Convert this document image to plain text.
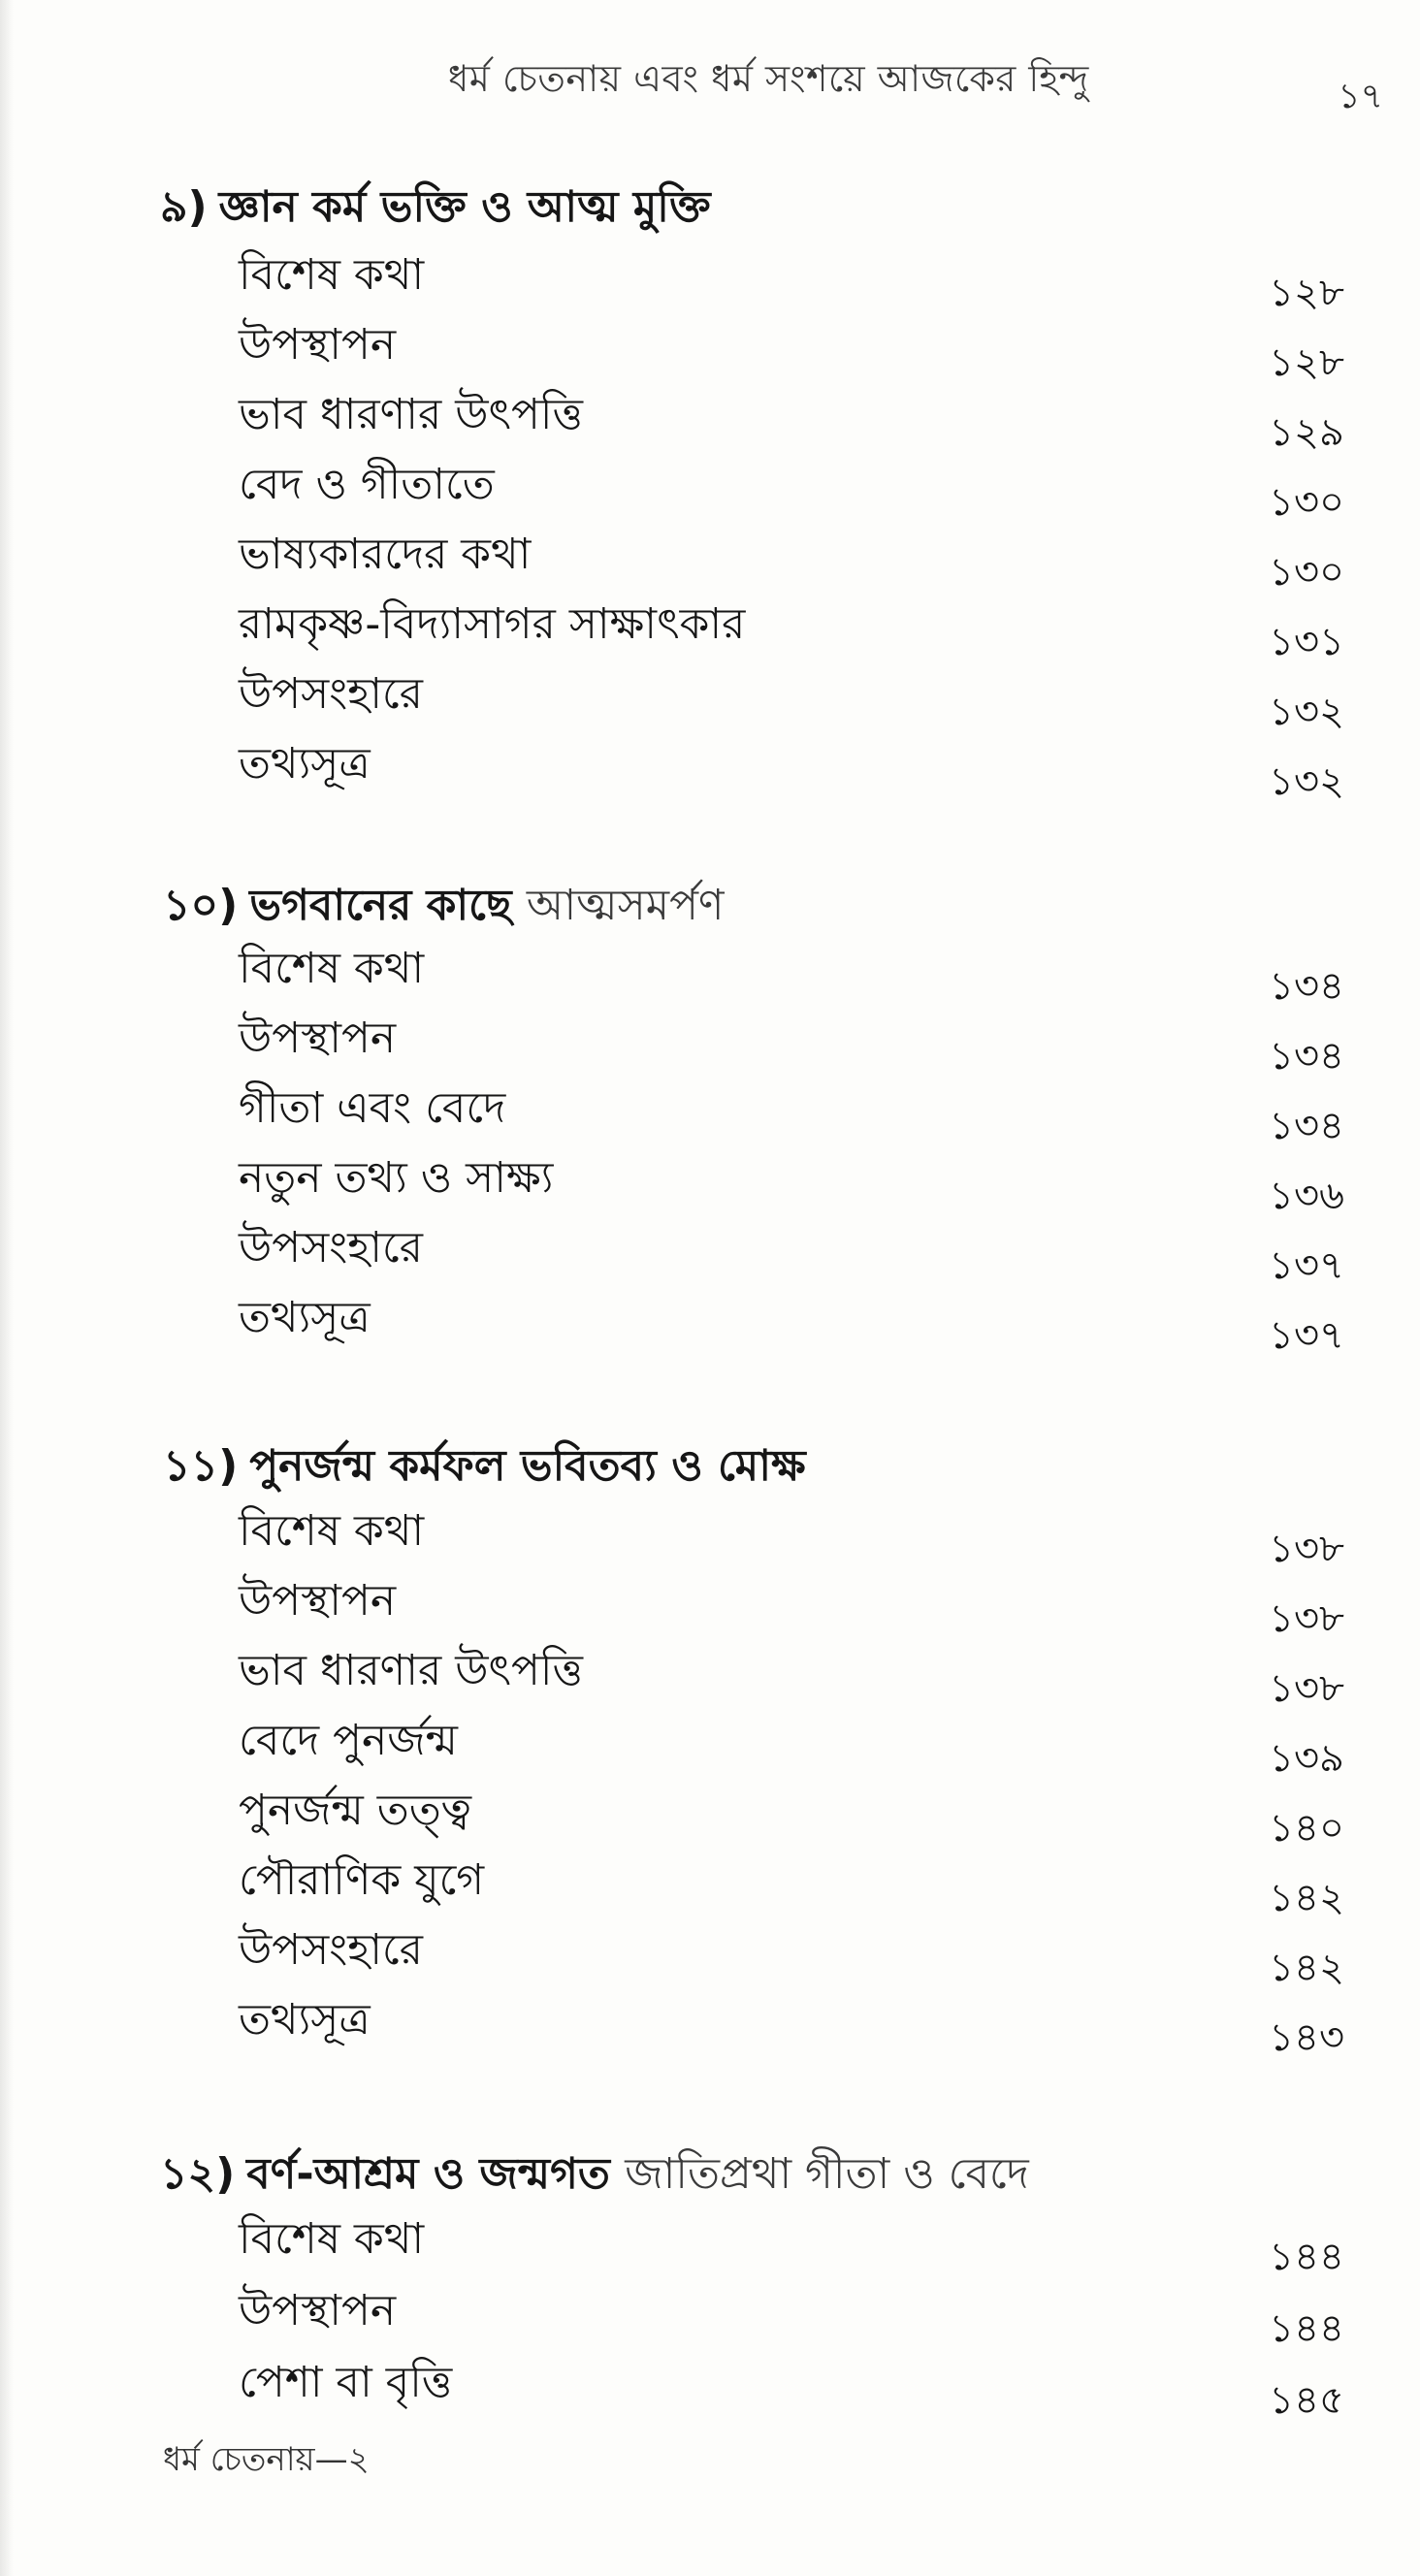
ধর্ম চেতনায় এবং ধর্ম সংশয়ে আজকের হিন্দু	১৭
৯) জ্ঞান কর্ম ভক্তি ও আত্ম মুক্তি
বিশেষ কথা	১২৮
উপস্থাপন	১২৮
ভাব ধারণার উৎপত্তি	১২৯
বেদ ও গীতাতে	১৩০
ভাষ্যকারদের কথা	১৩০
রামকৃষ্ণ-বিদ্যাসাগর সাক্ষাৎকার	১৩১
উপসংহারে	১৩২
তথ্যসূত্র	১৩২
১০) ভগবানের কাছে আত্মসমর্পণ
বিশেষ কথা	১৩৪
উপস্থাপন	১৩৪
গীতা এবং বেদে	১৩৪
নতুন তথ্য ও সাক্ষ্য	১৩৬
উপসংহারে	১৩৭
তথ্যসূত্র	১৩৭
১১) পুনর্জন্ম কর্মফল ভবিতব্য ও মোক্ষ
বিশেষ কথা	১৩৮
উপস্থাপন	১৩৮
ভাব ধারণার উৎপত্তি	১৩৮
বেদে পুনর্জন্ম	১৩৯
পুনর্জন্ম তত্ত্ব	১৪০
পৌরাণিক যুগে	১৪২
উপসংহারে	১৪২
তথ্যসূত্র	১৪৩
১২) বর্ণ-আশ্রম ও জন্মগত জাতিপ্রথা গীতা ও বেদে
বিশেষ কথা	১৪৪
উপস্থাপন	১৪৪
পেশা বা বৃত্তি	১৪৫
ধর্ম চেতনায়—২
